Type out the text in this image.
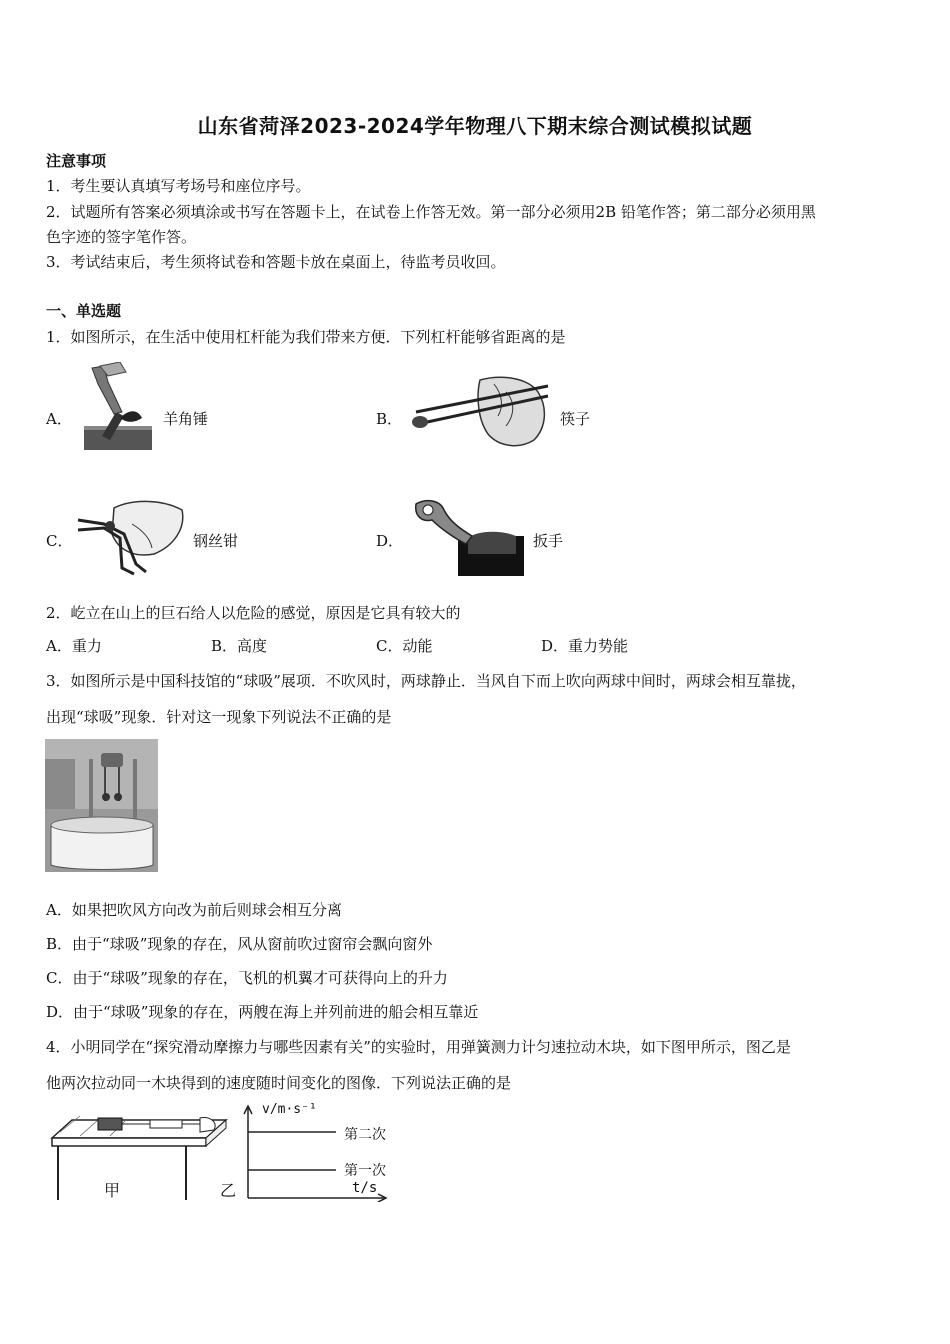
山东省菏泽2023-2024学年物理八下期末综合测试模拟试题
注意事项
1．考生要认真填写考场号和座位序号。
2．试题所有答案必须填涂或书写在答题卡上，在试卷上作答无效。第一部分必须用2B 铅笔作答；第二部分必须用黑
色字迹的签字笔作答。
3．考试结束后，考生须将试卷和答题卡放在桌面上，待监考员收回。
一、单选题
1．如图所示，在生活中使用杠杆能为我们带来方便．下列杠杆能够省距离的是
A．	羊角锤	B．	筷子
C．	钢丝钳	D．	扳手
2．屹立在山上的巨石给人以危险的感觉，原因是它具有较大的
A．重力	B．高度	C．动能	D．重力势能
3．如图所示是中国科技馆的“球吸”展项．不吹风时，两球静止．当风自下而上吹向两球中间时，两球会相互靠拢，
出现“球吸”现象．针对这一现象下列说法不正确的是
A．如果把吹风方向改为前后则球会相互分离
B．由于“球吸”现象的存在，风从窗前吹过窗帘会飘向窗外
C．由于“球吸”现象的存在，飞机的机翼才可获得向上的升力
D．由于“球吸”现象的存在，两艘在海上并列前进的船会相互靠近
4．小明同学在“探究滑动摩擦力与哪些因素有关”的实验时，用弹簧测力计匀速拉动木块，如下图甲所示，图乙是
他两次拉动同一木块得到的速度随时间变化的图像．下列说法正确的是
甲	乙
v/m·s⁻¹
第二次
第一次
t/s
